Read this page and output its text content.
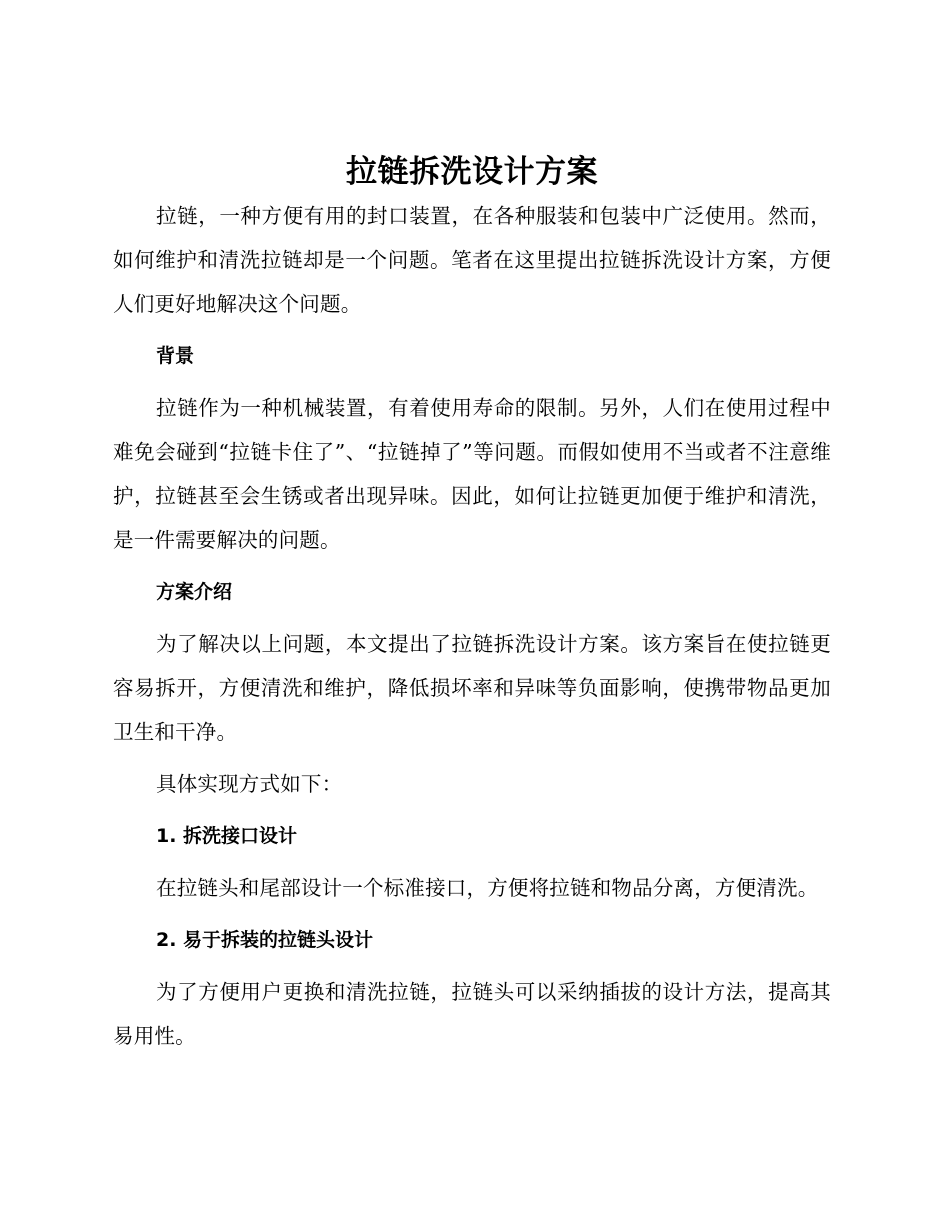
拉链拆洗设计方案

拉链，一种方便有用的封口装置，在各种服装和包装中广泛使用。然而，如何维护和清洗拉链却是一个问题。笔者在这里提出拉链拆洗设计方案，方便人们更好地解决这个问题。

背景

拉链作为一种机械装置，有着使用寿命的限制。另外，人们在使用过程中难免会碰到“拉链卡住了”、“拉链掉了”等问题。而假如使用不当或者不注意维护，拉链甚至会生锈或者出现异味。因此，如何让拉链更加便于维护和清洗，是一件需要解决的问题。

方案介绍

为了解决以上问题，本文提出了拉链拆洗设计方案。该方案旨在使拉链更容易拆开，方便清洗和维护，降低损坏率和异味等负面影响，使携带物品更加卫生和干净。

具体实现方式如下：

1. 拆洗接口设计

在拉链头和尾部设计一个标准接口，方便将拉链和物品分离，方便清洗。

2. 易于拆装的拉链头设计

为了方便用户更换和清洗拉链，拉链头可以采纳插拔的设计方法，提高其易用性。
